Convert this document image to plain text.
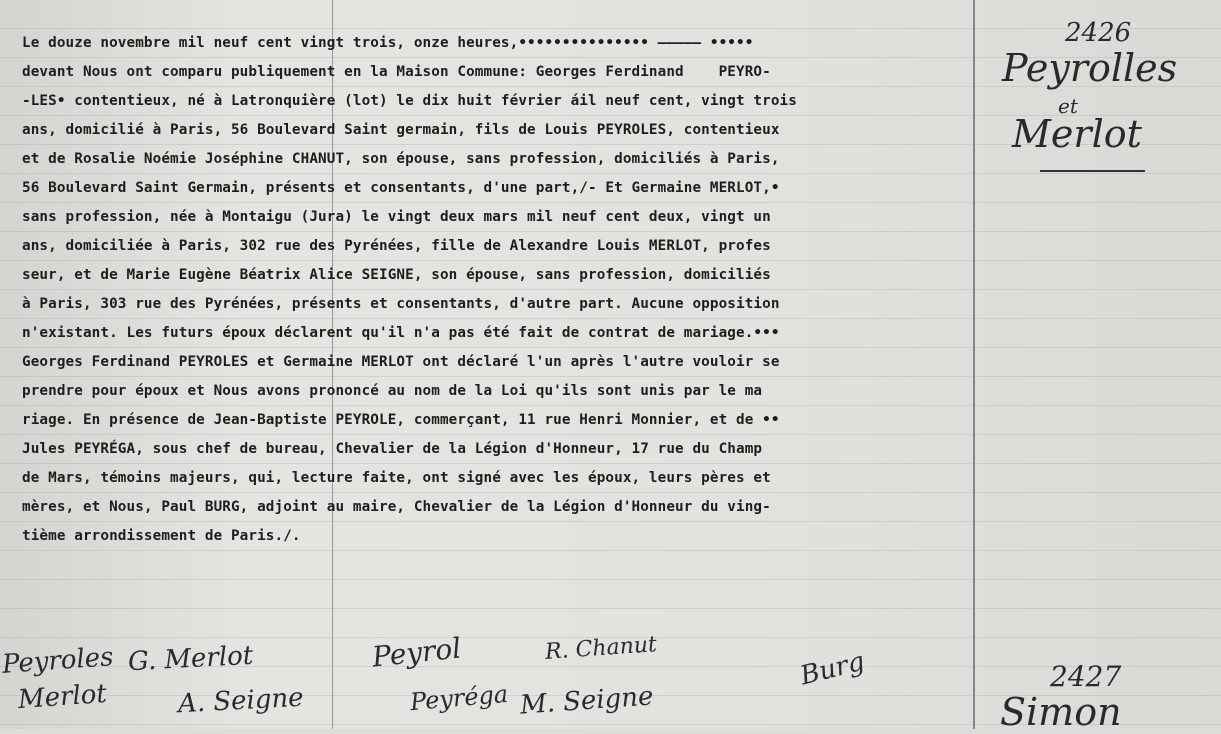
Le douze novembre mil neuf cent vingt trois, onze heures,••••••••••••••• ————— •••••

devant Nous ont comparu publiquement en la Maison Commune: Georges Ferdinand    PEYRO-

-LES• contentieux, né à Latronquière (lot) le dix huit février áil neuf cent, vingt trois

ans, domicilié à Paris, 56 Boulevard Saint germain, fils de Louis PEYROLES, contentieux

et de Rosalie Noémie Joséphine CHANUT, son épouse, sans profession, domiciliés à Paris,

56 Boulevard Saint Germain, présents et consentants, d'une part,/- Et Germaine MERLOT,•

sans profession, née à Montaigu (Jura) le vingt deux mars mil neuf cent deux, vingt un

ans, domiciliée à Paris, 302 rue des Pyrénées, fille de Alexandre Louis MERLOT, profes

seur, et de Marie Eugène Béatrix Alice SEIGNE, son épouse, sans profession, domiciliés

à Paris, 303 rue des Pyrénées, présents et consentants, d'autre part. Aucune opposition

n'existant. Les futurs époux déclarent qu'il n'a pas été fait de contrat de mariage.•••

Georges Ferdinand PEYROLES et Germaine MERLOT ont déclaré l'un après l'autre vouloir se

prendre pour époux et Nous avons prononcé au nom de la Loi qu'ils sont unis par le ma

riage. En présence de Jean-Baptiste PEYROLE, commerçant, 11 rue Henri Monnier, et de ••

Jules PEYRÉGA, sous chef de bureau, Chevalier de la Légion d'Honneur, 17 rue du Champ

de Mars, témoins majeurs, qui, lecture faite, ont signé avec les époux, leurs pères et

mères, et Nous, Paul BURG, adjoint au maire, Chevalier de la Légion d'Honneur du ving-

tième arrondissement de Paris./.

2426
Peyrolles
et
Merlot
2427
Simon
Peyroles G. Merlot	Peyrol	R. Chanut
Merlot	A. Seigne	Peyréga M. Seigne
Burg
